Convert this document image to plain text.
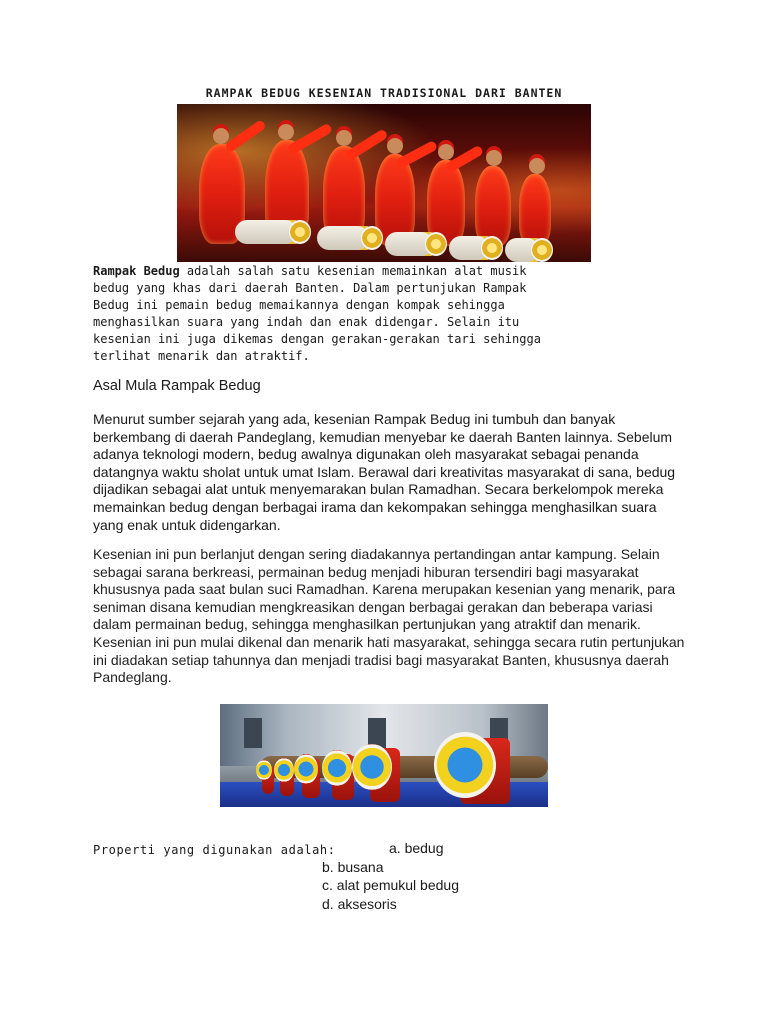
RAMPAK BEDUG KESENIAN TRADISIONAL DARI BANTEN
Rampak Bedug adalah salah satu kesenian memainkan alat musik
bedug yang khas dari daerah Banten. Dalam pertunjukan Rampak
Bedug ini pemain bedug memaikannya dengan kompak sehingga
menghasilkan suara yang indah dan enak didengar. Selain itu
kesenian ini juga dikemas dengan gerakan-gerakan tari sehingga
terlihat menarik dan atraktif.
Asal Mula Rampak Bedug
Menurut sumber sejarah yang ada, kesenian Rampak Bedug ini tumbuh dan banyak berkembang di daerah Pandeglang, kemudian menyebar ke daerah Banten lainnya. Sebelum adanya teknologi modern, bedug awalnya digunakan oleh masyarakat sebagai penanda datangnya waktu sholat untuk umat Islam. Berawal dari kreativitas masyarakat di sana, bedug dijadikan sebagai alat untuk menyemarakan bulan Ramadhan. Secara berkelompok mereka memainkan bedug dengan berbagai irama dan kekompakan sehingga menghasilkan suara yang enak untuk didengarkan.
Kesenian ini pun berlanjut dengan sering diadakannya pertandingan antar kampung. Selain sebagai sarana berkreasi, permainan bedug menjadi hiburan tersendiri bagi masyarakat khususnya pada saat bulan suci Ramadhan. Karena merupakan kesenian yang menarik, para seniman disana kemudian mengkreasikan dengan berbagai gerakan dan beberapa variasi dalam permainan bedug, sehingga menghasilkan pertunjukan yang atraktif dan menarik. Kesenian ini pun mulai dikenal dan menarik hati masyarakat, sehingga secara rutin pertunjukan ini diadakan setiap tahunnya dan menjadi tradisi bagi masyarakat Banten, khususnya daerah Pandeglang.
Properti yang digunakan adalah:	a. bedug
b. busana
c. alat pemukul bedug
d. aksesoris
